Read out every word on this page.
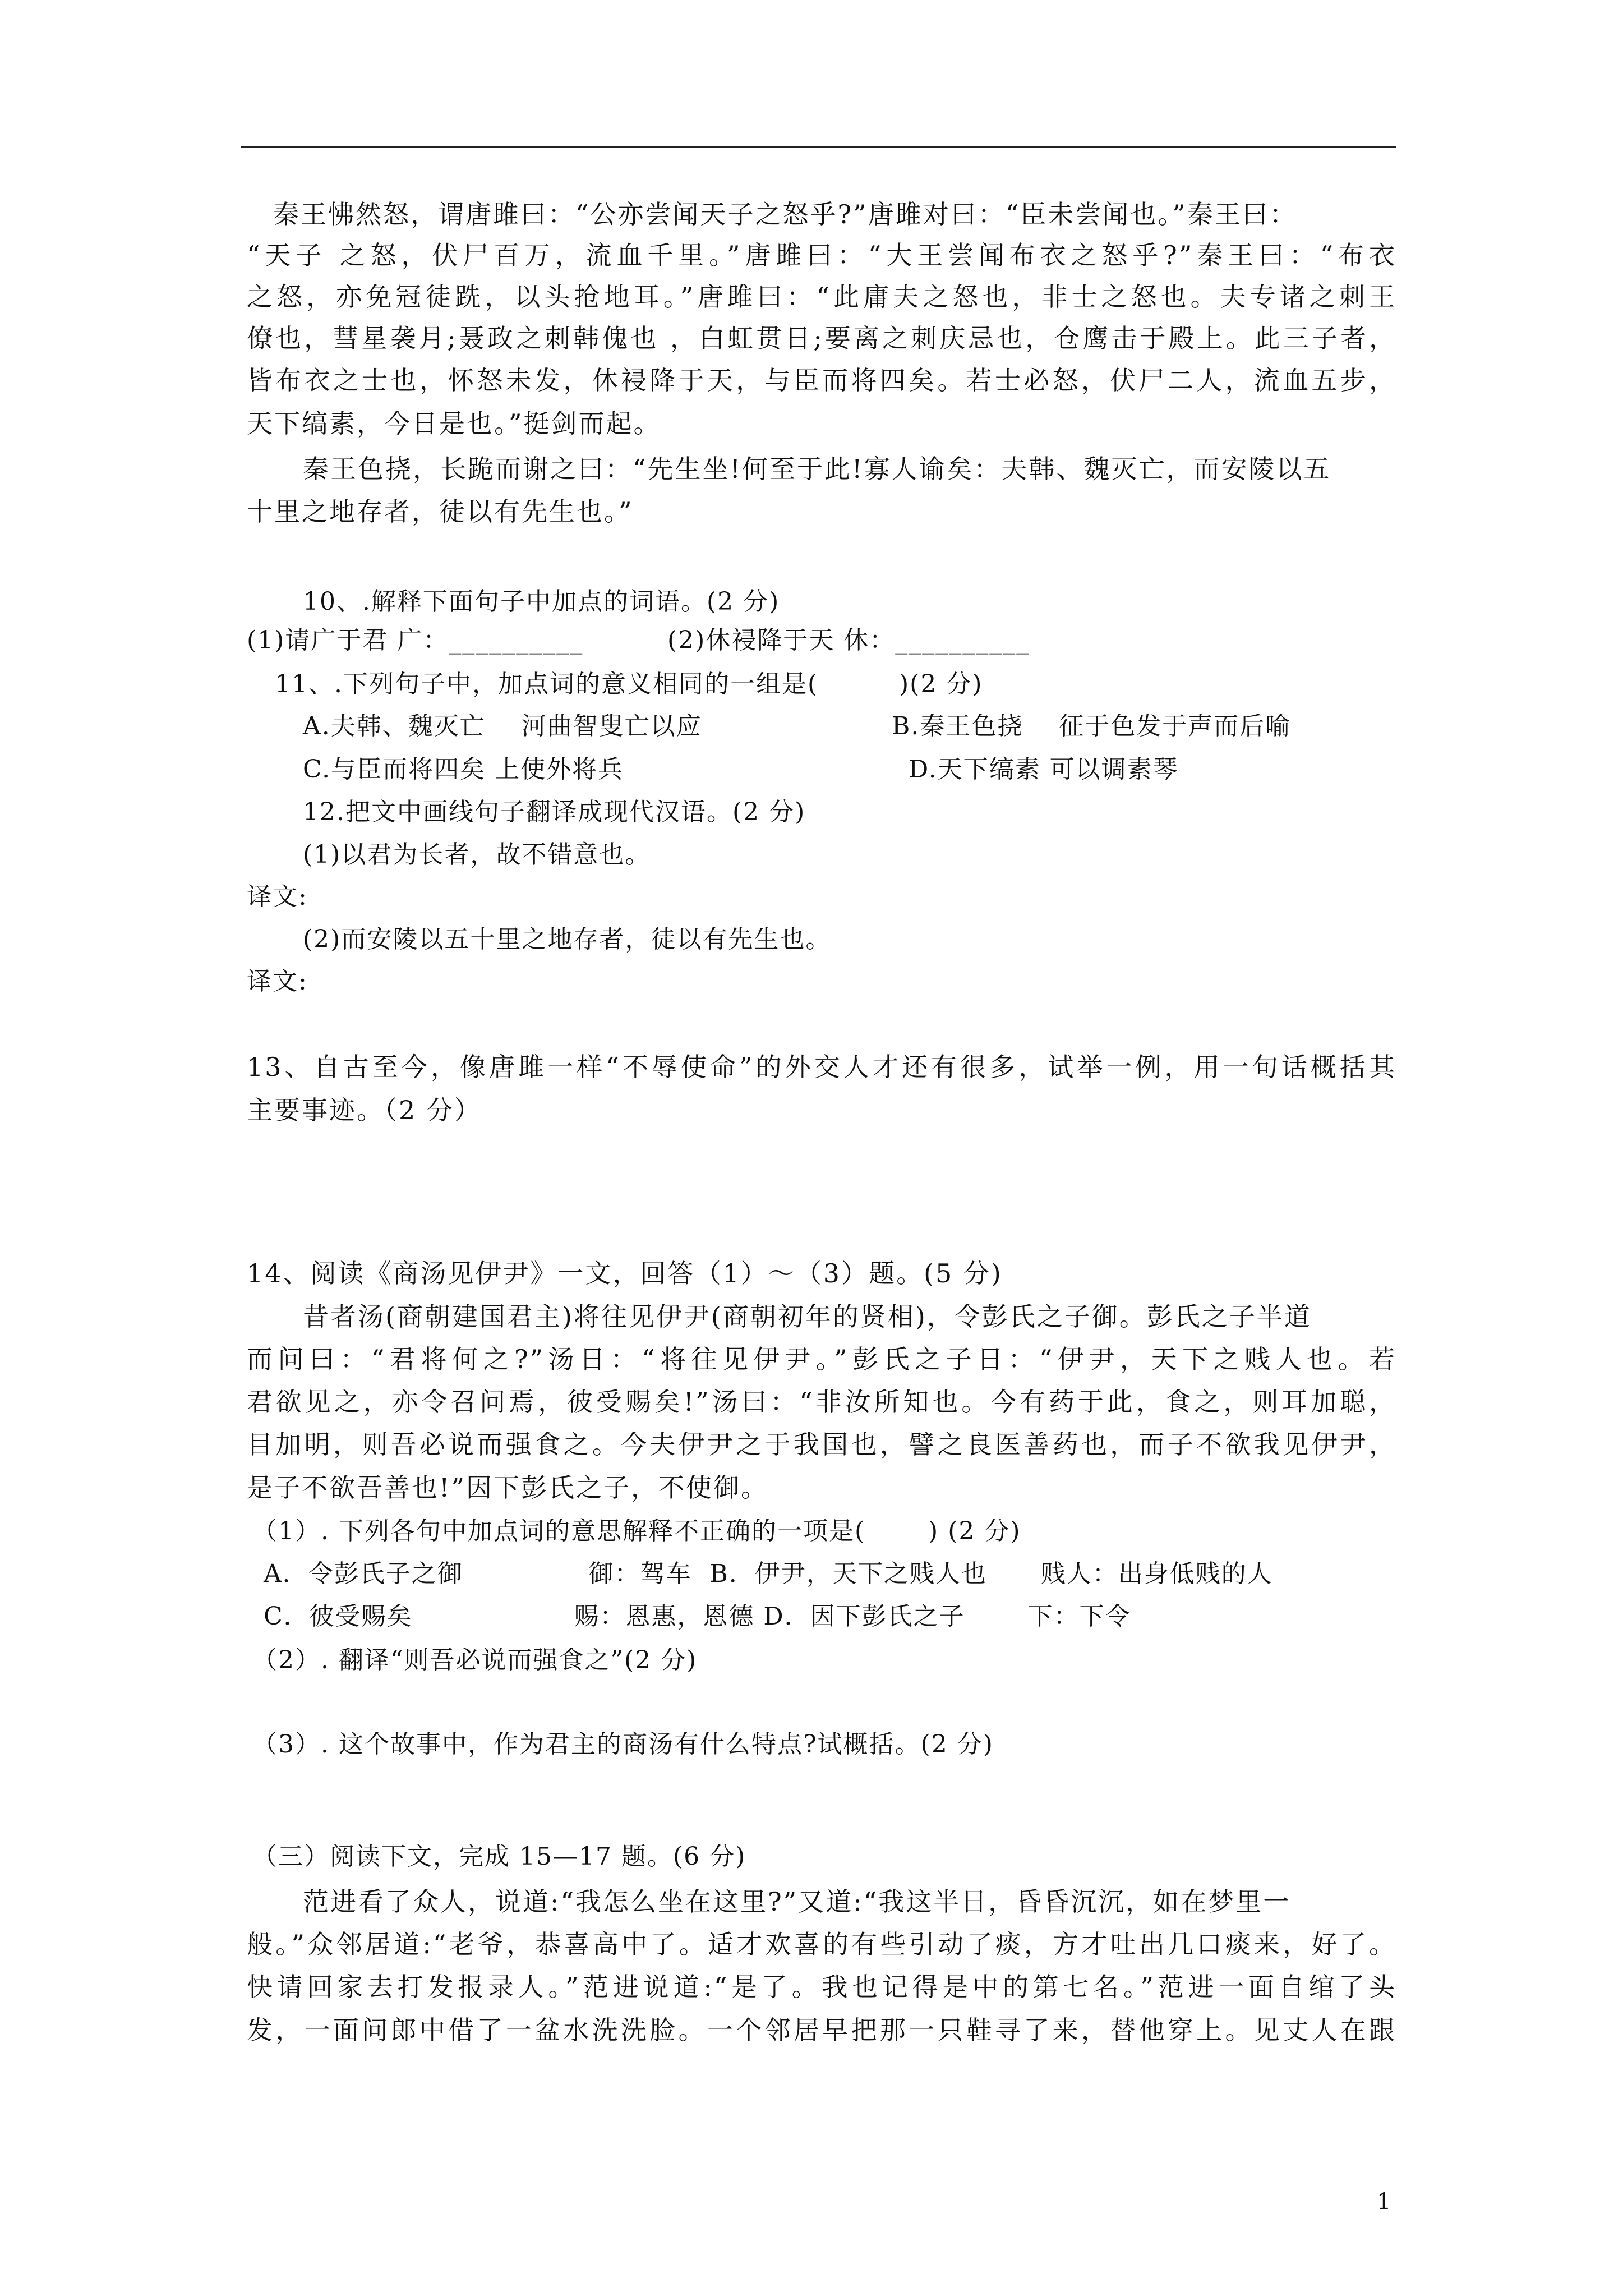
秦王怫然怒，谓唐雎曰：“公亦尝闻天子之怒乎?”唐雎对曰：“臣未尝闻也。”秦王曰：
“天子 之怒，伏尸百万，流血千里。”唐雎曰：“大王尝闻布衣之怒乎?”秦王曰：“布衣
之怒，亦免冠徒跣，以头抢地耳。”唐雎曰：“此庸夫之怒也，非士之怒也。夫专诸之刺王
僚也，彗星袭月;聂政之刺韩傀也 ，白虹贯日;要离之刺庆忌也，仓鹰击于殿上。此三子者，
皆布衣之士也，怀怒未发，休祲降于天，与臣而将四矣。若士必怒，伏尸二人，流血五步，
天下缟素，今日是也。”挺剑而起。
秦王色挠，长跪而谢之曰：“先生坐!何至于此!寡人谕矣：夫韩、魏灭亡，而安陵以五
十里之地存者，徒以有先生也。”
10、.解释下面句子中加点的词语。(2 分)
(1)请广于君 广：__________	(2)休祲降于天 休：__________
11、.下列句子中，加点词的意义相同的一组是(         )(2 分)
A.夫韩、魏灭亡    河曲智叟亡以应	B.秦王色挠    征于色发于声而后喻
C.与臣而将四矣 上使外将兵	D.天下缟素 可以调素琴
12.把文中画线句子翻译成现代汉语。(2 分)
(1)以君为长者，故不错意也。
译文:
(2)而安陵以五十里之地存者，徒以有先生也。
译文:
13、自古至今，像唐雎一样“不辱使命”的外交人才还有很多，试举一例，用一句话概括其
主要事迹。（2 分）
14、阅读《商汤见伊尹》一文，回答（1）～（3）题。(5 分)
昔者汤(商朝建国君主)将往见伊尹(商朝初年的贤相)，令彭氏之子御。彭氏之子半道
而问曰：“君将何之?”汤日：“将往见伊尹。”彭氏之子日：“伊尹，天下之贱人也。若
君欲见之，亦令召问焉，彼受赐矣!”汤曰：“非汝所知也。今有药于此，食之，则耳加聪，
目加明，则吾必说而强食之。今夫伊尹之于我国也，譬之良医善药也，而子不欲我见伊尹，
是子不欲吾善也!”因下彭氏之子，不使御。
（1）. 下列各句中加点词的意思解释不正确的一项是(       ) (2 分)
A．令彭氏子之御              御：驾车  B．伊尹，天下之贱人也      贱人：出身低贱的人
C．彼受赐矣                  赐：恩惠，恩德 D．因下彭氏之子       下：下令
（2）. 翻译“则吾必说而强食之”(2 分)
（3）. 这个故事中，作为君主的商汤有什么特点?试概括。(2 分)
（三）阅读下文，完成 15—17 题。(6 分)
范进看了众人，说道:“我怎么坐在这里?”又道:“我这半日，昏昏沉沉，如在梦里一
般。”众邻居道:“老爷，恭喜高中了。适才欢喜的有些引动了痰，方才吐出几口痰来，好了。
快请回家去打发报录人。”范进说道:“是了。我也记得是中的第七名。”范进一面自绾了头
发，一面问郎中借了一盆水洗洗脸。一个邻居早把那一只鞋寻了来，替他穿上。见丈人在跟
1
